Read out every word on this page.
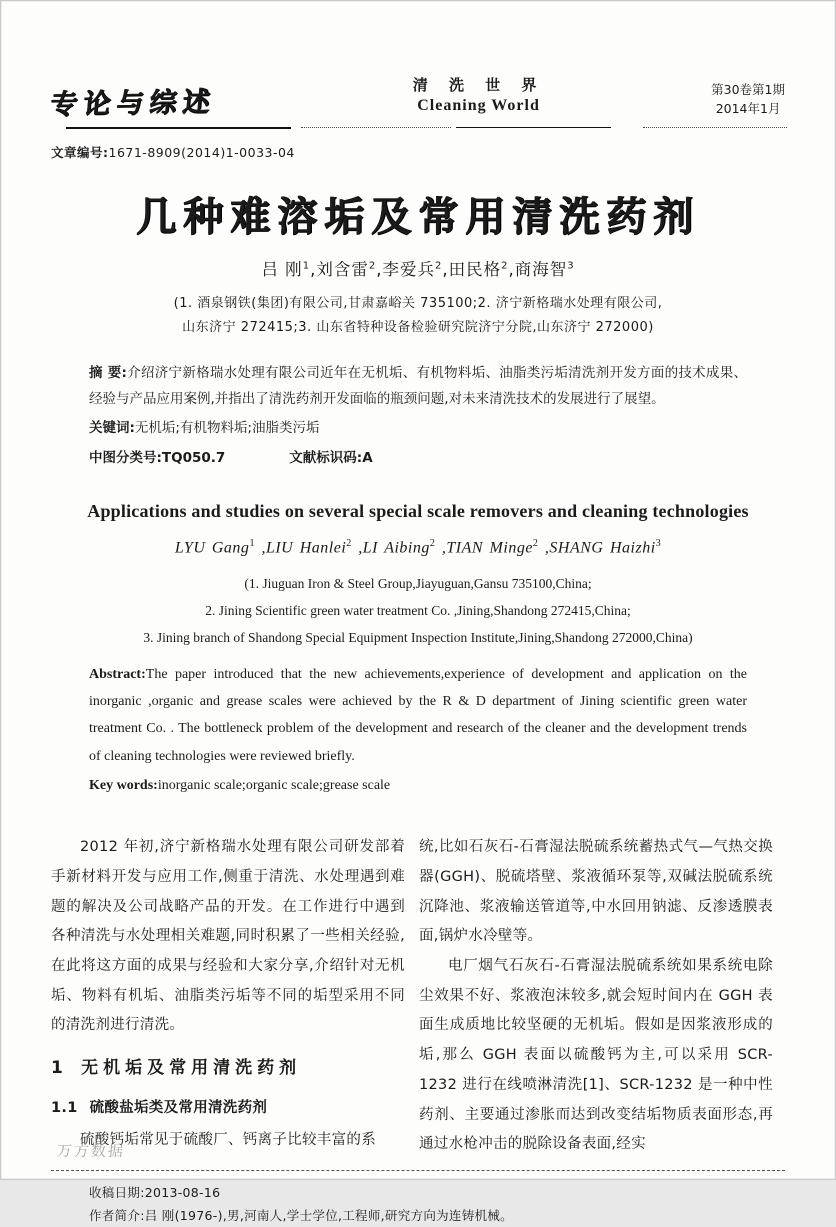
专论与综述
清 洗 世 界
Cleaning World
第30卷第1期
2014年1月
文章编号:1671-8909(2014)1-0033-04
几种难溶垢及常用清洗药剂
吕 刚$^1$,刘含雷$^2$,李爱兵$^2$,田民格$^2$,商海智$^3$
(1. 酒泉钢铁(集团)有限公司,甘肃嘉峪关 735100;2. 济宁新格瑞水处理有限公司,
山东济宁 272415;3. 山东省特种设备检验研究院济宁分院,山东济宁 272000)
摘 要:介绍济宁新格瑞水处理有限公司近年在无机垢、有机物料垢、油脂类污垢清洗剂开发方面的技术成果、经验与产品应用案例,并指出了清洗药剂开发面临的瓶颈问题,对未来清洗技术的发展进行了展望。
关键词:无机垢;有机物料垢;油脂类污垢
中图分类号:TQ050.7	文献标识码:A
Applications and studies on several special scale removers and cleaning technologies
LYU Gang$^1$ ,LIU Hanlei$^2$ ,LI Aibing$^2$ ,TIAN Minge$^2$ ,SHANG Haizhi$^3$
(1. Jiuguan Iron & Steel Group,Jiayuguan,Gansu 735100,China;
2. Jining Scientific green water treatment Co. ,Jining,Shandong 272415,China;
3. Jining branch of Shandong Special Equipment Inspection Institute,Jining,Shandong 272000,China)
Abstract:The paper introduced that the new achievements,experience of development and application on the inorganic ,organic and grease scales were achieved by the R & D department of Jining scientific green water treatment Co. . The bottleneck problem of the development and research of the cleaner and the development trends of cleaning technologies were reviewed briefly.
Key words:inorganic scale;organic scale;grease scale

2012 年初,济宁新格瑞水处理有限公司研发部着手新材料开发与应用工作,侧重于清洗、水处理遇到难题的解决及公司战略产品的开发。在工作进行中遇到各种清洗与水处理相关难题,同时积累了一些相关经验,在此将这方面的成果与经验和大家分享,介绍针对无机垢、物料有机垢、油脂类污垢等不同的垢型采用不同的清洗剂进行清洗。

1 无机垢及常用清洗药剂
1.1 硫酸盐垢类及常用清洗药剂

硫酸钙垢常见于硫酸厂、钙离子比较丰富的系

统,比如石灰石-石膏湿法脱硫系统蓄热式气—气热交换器(GGH)、脱硫塔壁、浆液循环泵等,双碱法脱硫系统沉降池、浆液输送管道等,中水回用钠滤、反渗透膜表面,锅炉水冷壁等。

电厂烟气石灰石-石膏湿法脱硫系统如果系统电除尘效果不好、浆液泡沫较多,就会短时间内在 GGH 表面生成质地比较坚硬的无机垢。假如是因浆液形成的垢,那么 GGH 表面以硫酸钙为主,可以采用 SCR-1232 进行在线喷淋清洗[1]、SCR-1232 是一种中性药剂、主要通过渗胀而达到改变结垢物质表面形态,再通过水枪冲击的脱除设备表面,经实

收稿日期:2013-08-16
作者简介:吕 刚(1976-),男,河南人,学士学位,工程师,研究方向为连铸机械。
万方数据
